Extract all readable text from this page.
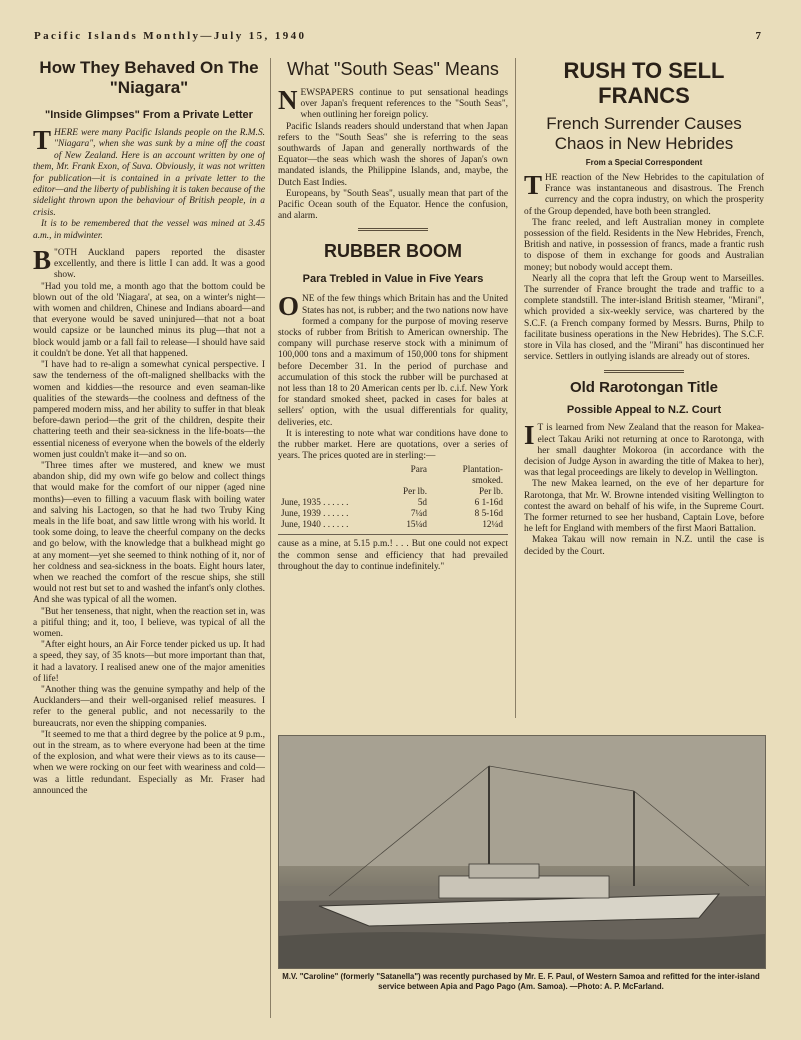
Pacific Islands Monthly—July 15, 1940	7
How They Behaved On The "Niagara"
"Inside Glimpses" From a Private Letter

THERE were many Pacific Islands people on the R.M.S. "Niagara", when she was sunk by a mine off the coast of New Zealand. Here is an account written by one of them, Mr. Frank Exon, of Suva. Obviously, it was not written for publication—it is contained in a private letter to the editor—and the liberty of publishing it is taken because of the sidelight thrown upon the behaviour of British people, in a crisis.

It is to be remembered that the vessel was mined at 3.45 a.m., in midwinter.

B "OTH Auckland papers reported the disaster excellently, and there is little I can add. It was a good show.

"Had you told me, a month ago that the bottom could be blown out of the old 'Niagara', at sea, on a winter's night—with women and children, Chinese and Indians aboard—and that everyone would be saved uninjured—that not a boat would capsize or be launched minus its plug—that not a block would jamb or a fall fail to release—I should have said it couldn't be done. Yet all that happened.

"I have had to re-align a somewhat cynical perspective. I saw the tenderness of the oft-maligned shellbacks with the women and kiddies—the resource and even seaman-like qualities of the stewards—the coolness and deftness of the pampered modern miss, and her ability to suffer in that bleak before-dawn period—the grit of the children, despite their chattering teeth and their sea-sickness in the life-boats—the essential niceness of everyone when the bowels of the elderly women just couldn't make it—and so on.

"Three times after we mustered, and knew we must abandon ship, did my own wife go below and collect things that would make for the comfort of our nipper (aged nine months)—even to filling a vacuum flask with boiling water and salving his Lactogen, so that he had two Truby King meals in the life boat, and saw little wrong with his world. It took some doing, to leave the cheerful company on the decks and go below, with the knowledge that a bulkhead might go at any moment—yet she seemed to think nothing of it, nor of her coldness and sea-sickness in the boats. Eight hours later, when we reached the comfort of the rescue ships, she still would not rest but set to and washed the infant's only clothes. And she was typical of all the women.

"But her tenseness, that night, when the reaction set in, was a pitiful thing; and it, too, I believe, was typical of all the women.

"After eight hours, an Air Force tender picked us up. It had a speed, they say, of 35 knots—but more important than that, it had a lavatory. I realised anew one of the major amenities of life!

"Another thing was the genuine sympathy and help of the Aucklanders—and their well-organised relief measures. I refer to the general public, and not necessarily to the bureaucrats, nor even the shipping companies.

"It seemed to me that a third degree by the police at 9 p.m., out in the stream, as to where everyone had been at the time of the explosion, and what were their views as to its cause—when we were rocking on our feet with weariness and cold—was a little redundant. Especially as Mr. Fraser had announced the

What "South Seas" Means

NEWSPAPERS continue to put sensational headings over Japan's frequent references to the "South Seas", when outlining her foreign policy.

Pacific Islands readers should understand that when Japan refers to the "South Seas" she is referring to the seas southwards of Japan and generally northwards of the Equator—the seas which wash the shores of Japan's own mandated islands, the Philippine Islands, and, maybe, the Dutch East Indies.

Europeans, by "South Seas", usually mean that part of the Pacific Ocean south of the Equator. Hence the confusion, and alarm.

RUBBER BOOM
Para Trebled in Value in Five Years

ONE of the few things which Britain has and the United States has not, is rubber; and the two nations now have formed a company for the purpose of moving reserve stocks of rubber from British to American ownership. The company will purchase reserve stock with a minimum of 100,000 tons and a maximum of 150,000 tons for shipment before December 31. In the period of purchase and accumulation of this stock the rubber will be purchased at not less than 18 to 20 American cents per lb. c.i.f. New York for standard smoked sheet, packed in cases for bales at sellers' option, with the usual differentials for quality, deliveries, etc.

It is interesting to note what war conditions have done to the rubber market. Here are quotations, over a series of years. The prices quoted are in sterling:—

	Para	Plantation-
		smoked.
	Per lb.	Per lb.
June, 1935 . . . . . .	5d	6 1-16d
June, 1939 . . . . . .	7¼d	8 5-16d
June, 1940 . . . . . .	15¼d	12¼d

cause as a mine, at 5.15 p.m.! . . . But one could not expect the common sense and efficiency that had prevailed throughout the day to continue indefinitely."

RUSH TO SELL FRANCS
French Surrender Causes Chaos in New Hebrides
From a Special Correspondent

THE reaction of the New Hebrides to the capitulation of France was instantaneous and disastrous. The French currency and the copra industry, on which the prosperity of the Group depended, have both been strangled.

The franc reeled, and left Australian money in complete possession of the field. Residents in the New Hebrides, French, British and native, in possession of francs, made a frantic rush to dispose of them in exchange for goods and Australian money; but nobody would accept them.

Nearly all the copra that left the Group went to Marseilles. The surrender of France brought the trade and traffic to a complete standstill. The inter-island British steamer, "Mirani", which provided a six-weekly service, was chartered by the S.C.F. (a French company formed by Messrs. Burns, Philp to facilitate business operations in the New Hebrides). The S.C.F. store in Vila has closed, and the "Mirani" has discontinued her service. Settlers in outlying islands are already out of stores.

Old Rarotongan Title
Possible Appeal to N.Z. Court

I T is learned from New Zealand that the reason for Makea-elect Takau Ariki not returning at once to Rarotonga, with her small daughter Mokoroa (in accordance with the decision of Judge Ayson in awarding the title of Makea to her), was that legal proceedings are likely to develop in Wellington.

The new Makea learned, on the eve of her departure for Rarotonga, that Mr. W. Browne intended visiting Wellington to contest the award on behalf of his wife, in the Supreme Court. The former returned to see her husband, Captain Love, before he left for England with members of the first Maori Battalion.

Makea Takau will now remain in N.Z. until the case is decided by the Court.

M.V. "Caroline" (formerly "Satanella") was recently purchased by Mr. E. F. Paul, of Western Samoa and refitted for the inter-island service between Apia and Pago Pago (Am. Samoa). —Photo: A. P. McFarland.
